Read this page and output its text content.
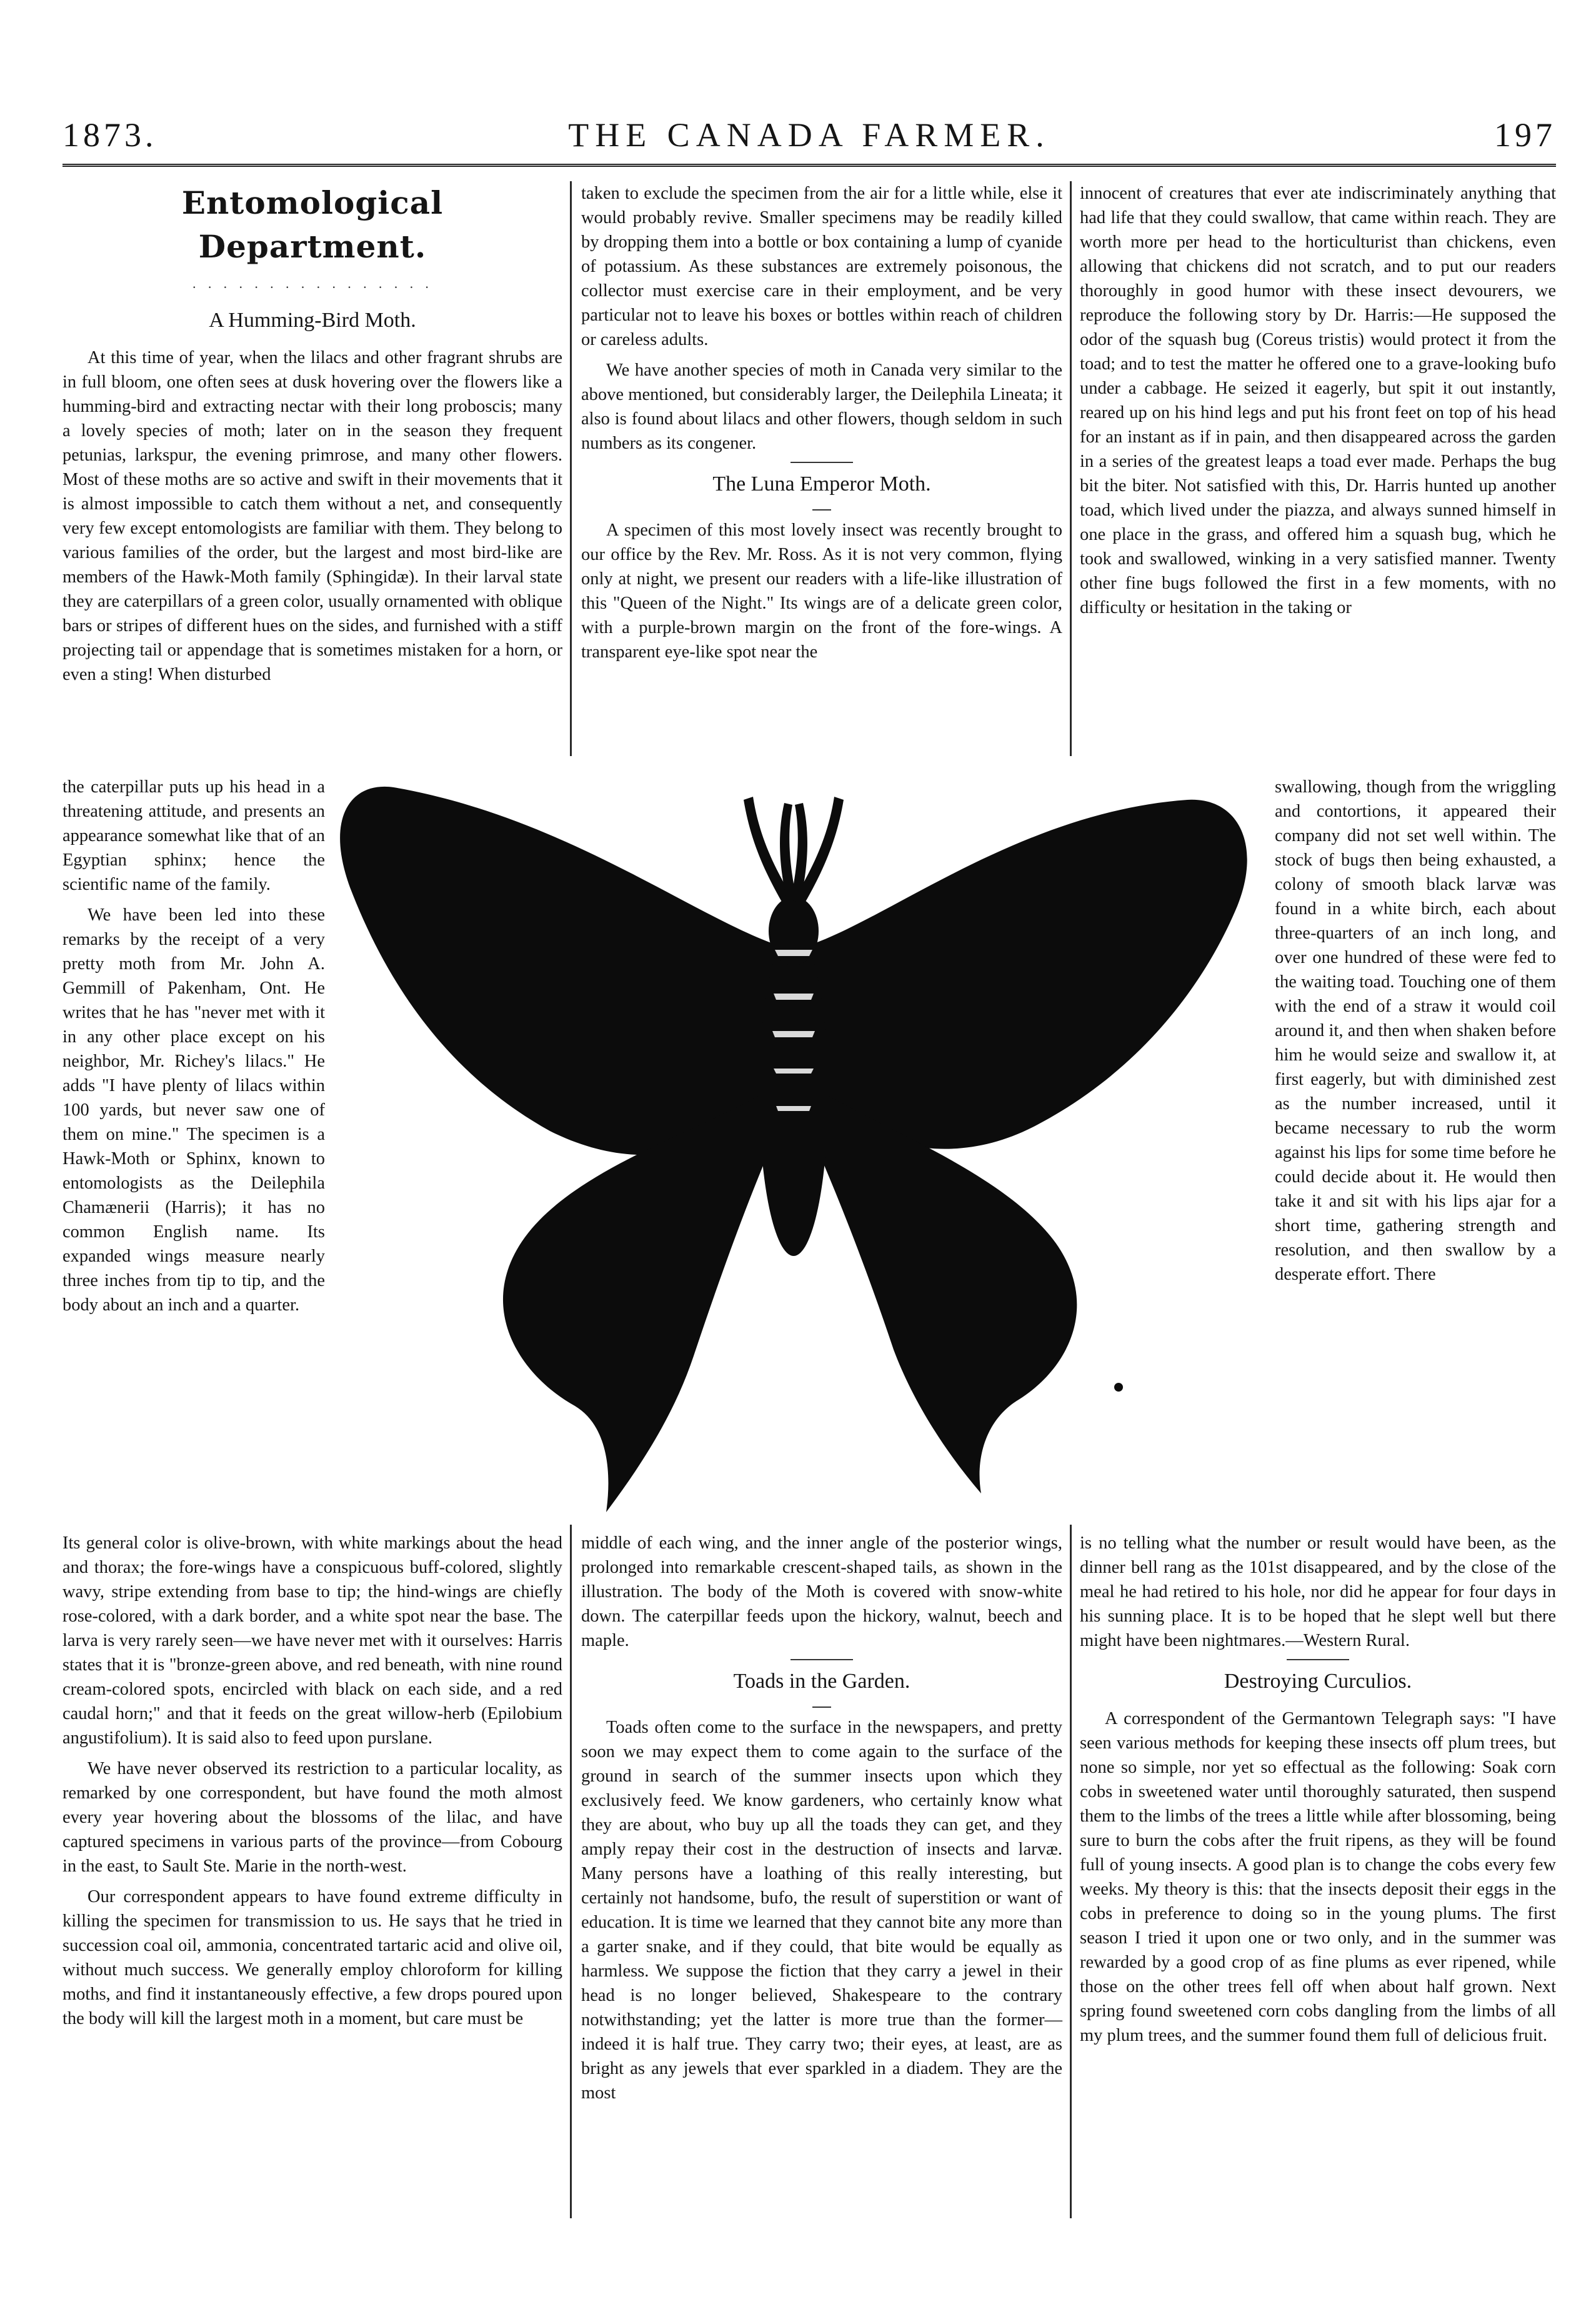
THE CANADA FARMER.
1873.	197
Entomological Department.
· · · · · · · · · · · · · · · ·
A Humming-Bird Moth.

At this time of year, when the lilacs and other fragrant shrubs are in full bloom, one often sees at dusk hovering over the flowers like a humming-bird and extracting nectar with their long proboscis; many a lovely species of moth; later on in the season they frequent petunias, larkspur, the evening primrose, and many other flowers. Most of these moths are so active and swift in their movements that it is almost impossible to catch them without a net, and consequently very few except entomologists are familiar with them. They belong to various families of the order, but the largest and most bird-like are members of the Hawk-Moth family (Sphingidæ). In their larval state they are caterpillars of a green color, usually ornamented with oblique bars or stripes of different hues on the sides, and furnished with a stiff projecting tail or appendage that is sometimes mistaken for a horn, or even a sting! When disturbed

taken to exclude the specimen from the air for a little while, else it would probably revive. Smaller specimens may be readily killed by dropping them into a bottle or box containing a lump of cyanide of potassium. As these substances are extremely poisonous, the collector must exercise care in their employment, and be very particular not to leave his boxes or bottles within reach of children or careless adults.

We have another species of moth in Canada very similar to the above mentioned, but considerably larger, the Deilephila Lineata; it also is found about lilacs and other flowers, though seldom in such numbers as its congener.

The Luna Emperor Moth.

A specimen of this most lovely insect was recently brought to our office by the Rev. Mr. Ross. As it is not very common, flying only at night, we present our readers with a life-like illustration of this "Queen of the Night." Its wings are of a delicate green color, with a purple-brown margin on the front of the fore-wings. A transparent eye-like spot near the

innocent of creatures that ever ate indiscriminately anything that had life that they could swallow, that came within reach. They are worth more per head to the horticulturist than chickens, even allowing that chickens did not scratch, and to put our readers thoroughly in good humor with these insect devourers, we reproduce the following story by Dr. Harris:—He supposed the odor of the squash bug (Coreus tristis) would protect it from the toad; and to test the matter he offered one to a grave-looking bufo under a cabbage. He seized it eagerly, but spit it out instantly, reared up on his hind legs and put his front feet on top of his head for an instant as if in pain, and then disappeared across the garden in a series of the greatest leaps a toad ever made. Perhaps the bug bit the biter. Not satisfied with this, Dr. Harris hunted up another toad, which lived under the piazza, and always sunned himself in one place in the grass, and offered him a squash bug, which he took and swallowed, winking in a very satisfied manner. Twenty other fine bugs followed the first in a few moments, with no difficulty or hesitation in the taking or

the caterpillar puts up his head in a threatening attitude, and presents an appearance somewhat like that of an Egyptian sphinx; hence the scientific name of the family.

We have been led into these remarks by the receipt of a very pretty moth from Mr. John A. Gemmill of Pakenham, Ont. He writes that he has "never met with it in any other place except on his neighbor, Mr. Richey's lilacs." He adds "I have plenty of lilacs within 100 yards, but never saw one of them on mine." The specimen is a Hawk-Moth or Sphinx, known to entomologists as the Deilephila Chamænerii (Harris); it has no common English name. Its expanded wings measure nearly three inches from tip to tip, and the body about an inch and a quarter.

swallowing, though from the wriggling and contortions, it appeared their company did not set well within. The stock of bugs then being exhausted, a colony of smooth black larvæ was found in a white birch, each about three-quarters of an inch long, and over one hundred of these were fed to the waiting toad. Touching one of them with the end of a straw it would coil around it, and then when shaken before him he would seize and swallow it, at first eagerly, but with diminished zest as the number increased, until it became necessary to rub the worm against his lips for some time before he could decide about it. He would then take it and sit with his lips ajar for a short time, gathering strength and resolution, and then swallow by a desperate effort. There

Its general color is olive-brown, with white markings about the head and thorax; the fore-wings have a conspicuous buff-colored, slightly wavy, stripe extending from base to tip; the hind-wings are chiefly rose-colored, with a dark border, and a white spot near the base. The larva is very rarely seen—we have never met with it ourselves: Harris states that it is "bronze-green above, and red beneath, with nine round cream-colored spots, encircled with black on each side, and a red caudal horn;" and that it feeds on the great willow-herb (Epilobium angustifolium). It is said also to feed upon purslane.

We have never observed its restriction to a particular locality, as remarked by one correspondent, but have found the moth almost every year hovering about the blossoms of the lilac, and have captured specimens in various parts of the province—from Cobourg in the east, to Sault Ste. Marie in the north-west.

Our correspondent appears to have found extreme difficulty in killing the specimen for transmission to us. He says that he tried in succession coal oil, ammonia, concentrated tartaric acid and olive oil, without much success. We generally employ chloroform for killing moths, and find it instantaneously effective, a few drops poured upon the body will kill the largest moth in a moment, but care must be

middle of each wing, and the inner angle of the posterior wings, prolonged into remarkable crescent-shaped tails, as shown in the illustration. The body of the Moth is covered with snow-white down. The caterpillar feeds upon the hickory, walnut, beech and maple.

Toads in the Garden.

Toads often come to the surface in the newspapers, and pretty soon we may expect them to come again to the surface of the ground in search of the summer insects upon which they exclusively feed. We know gardeners, who certainly know what they are about, who buy up all the toads they can get, and they amply repay their cost in the destruction of insects and larvæ. Many persons have a loathing of this really interesting, but certainly not handsome, bufo, the result of superstition or want of education. It is time we learned that they cannot bite any more than a garter snake, and if they could, that bite would be equally as harmless. We suppose the fiction that they carry a jewel in their head is no longer believed, Shakespeare to the contrary notwithstanding; yet the latter is more true than the former—indeed it is half true. They carry two; their eyes, at least, are as bright as any jewels that ever sparkled in a diadem. They are the most

is no telling what the number or result would have been, as the dinner bell rang as the 101st disappeared, and by the close of the meal he had retired to his hole, nor did he appear for four days in his sunning place. It is to be hoped that he slept well but there might have been nightmares.—Western Rural.

Destroying Curculios.

A correspondent of the Germantown Telegraph says: "I have seen various methods for keeping these insects off plum trees, but none so simple, nor yet so effectual as the following: Soak corn cobs in sweetened water until thoroughly saturated, then suspend them to the limbs of the trees a little while after blossoming, being sure to burn the cobs after the fruit ripens, as they will be found full of young insects. A good plan is to change the cobs every few weeks. My theory is this: that the insects deposit their eggs in the cobs in preference to doing so in the young plums. The first season I tried it upon one or two only, and in the summer was rewarded by a good crop of as fine plums as ever ripened, while those on the other trees fell off when about half grown. Next spring found sweetened corn cobs dangling from the limbs of all my plum trees, and the summer found them full of delicious fruit.
